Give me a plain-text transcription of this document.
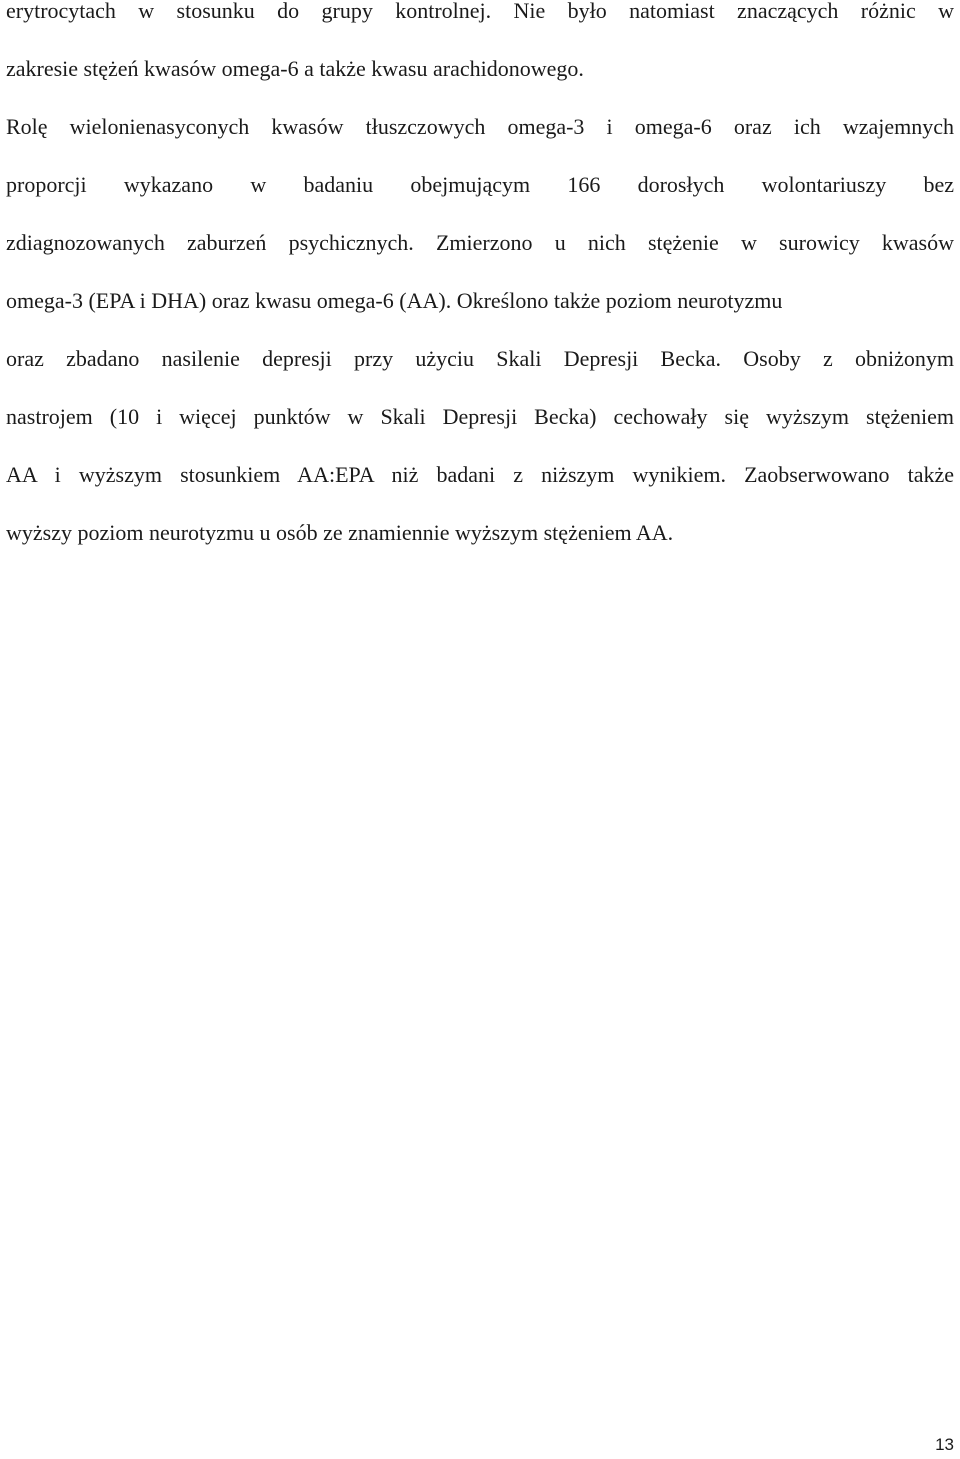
erytrocytach w stosunku do grupy kontrolnej. Nie było natomiast znaczących różnic w
zakresie stężeń kwasów omega-6 a także kwasu arachidonowego.
Rolę wielonienasyconych kwasów tłuszczowych omega-3 i omega-6 oraz ich wzajemnych
proporcji wykazano w badaniu obejmującym 166 dorosłych wolontariuszy bez
zdiagnozowanych zaburzeń psychicznych. Zmierzono u nich stężenie w surowicy kwasów
omega-3 (EPA i DHA) oraz kwasu omega-6 (AA). Określono także poziom neurotyzmu
oraz zbadano nasilenie depresji przy użyciu Skali Depresji Becka. Osoby z obniżonym
nastrojem (10 i więcej punktów w Skali Depresji Becka) cechowały się wyższym stężeniem
AA i wyższym stosunkiem AA:EPA niż badani z niższym wynikiem. Zaobserwowano także
wyższy poziom neurotyzmu u osób ze znamiennie wyższym stężeniem AA.
13
